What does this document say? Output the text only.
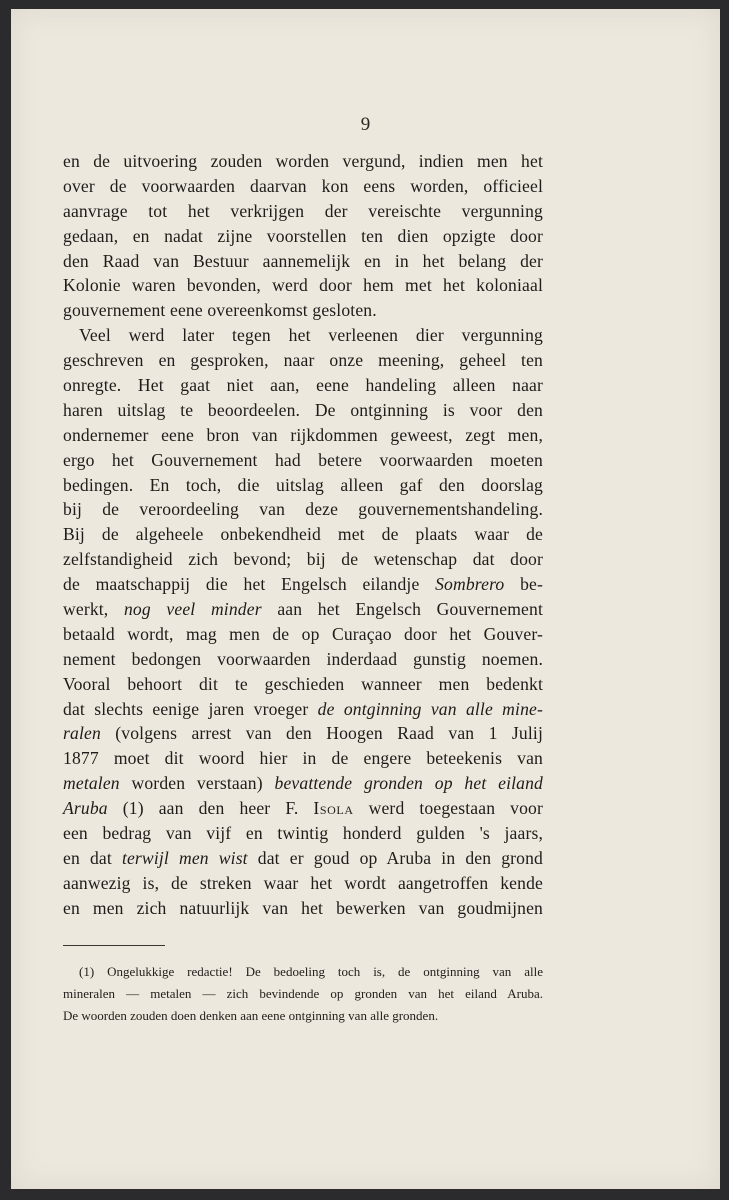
9
en de uitvoering zouden worden vergund, indien men het
over de voorwaarden daarvan kon eens worden, officieel
aanvrage tot het verkrijgen der vereischte vergunning
gedaan, en nadat zijne voorstellen ten dien opzigte door
den Raad van Bestuur aannemelijk en in het belang der
Kolonie waren bevonden, werd door hem met het koloniaal
gouvernement eene overeenkomst gesloten.
Veel werd later tegen het verleenen dier vergunning
geschreven en gesproken, naar onze meening, geheel ten
onregte. Het gaat niet aan, eene handeling alleen naar
haren uitslag te beoordeelen. De ontginning is voor den
ondernemer eene bron van rijkdommen geweest, zegt men,
ergo het Gouvernement had betere voorwaarden moeten
bedingen. En toch, die uitslag alleen gaf den doorslag
bij de veroordeeling van deze gouvernementshandeling.
Bij de algeheele onbekendheid met de plaats waar de
zelfstandigheid zich bevond; bij de wetenschap dat door
de maatschappij die het Engelsch eilandje Sombrero be-
werkt, nog veel minder aan het Engelsch Gouvernement
betaald wordt, mag men de op Curaçao door het Gouver-
nement bedongen voorwaarden inderdaad gunstig noemen.
Vooral behoort dit te geschieden wanneer men bedenkt
dat slechts eenige jaren vroeger de ontginning van alle mine-
ralen (volgens arrest van den Hoogen Raad van 1 Julij
1877 moet dit woord hier in de engere beteekenis van
metalen worden verstaan) bevattende gronden op het eiland
Aruba (1) aan den heer F. Isola werd toegestaan voor
een bedrag van vijf en twintig honderd gulden 's jaars,
en dat terwijl men wist dat er goud op Aruba in den grond
aanwezig is, de streken waar het wordt aangetroffen kende
en men zich natuurlijk van het bewerken van goudmijnen
(1) Ongelukkige redactie! De bedoeling toch is, de ontginning van alle
mineralen — metalen — zich bevindende op gronden van het eiland Aruba.
De woorden zouden doen denken aan eene ontginning van alle gronden.
